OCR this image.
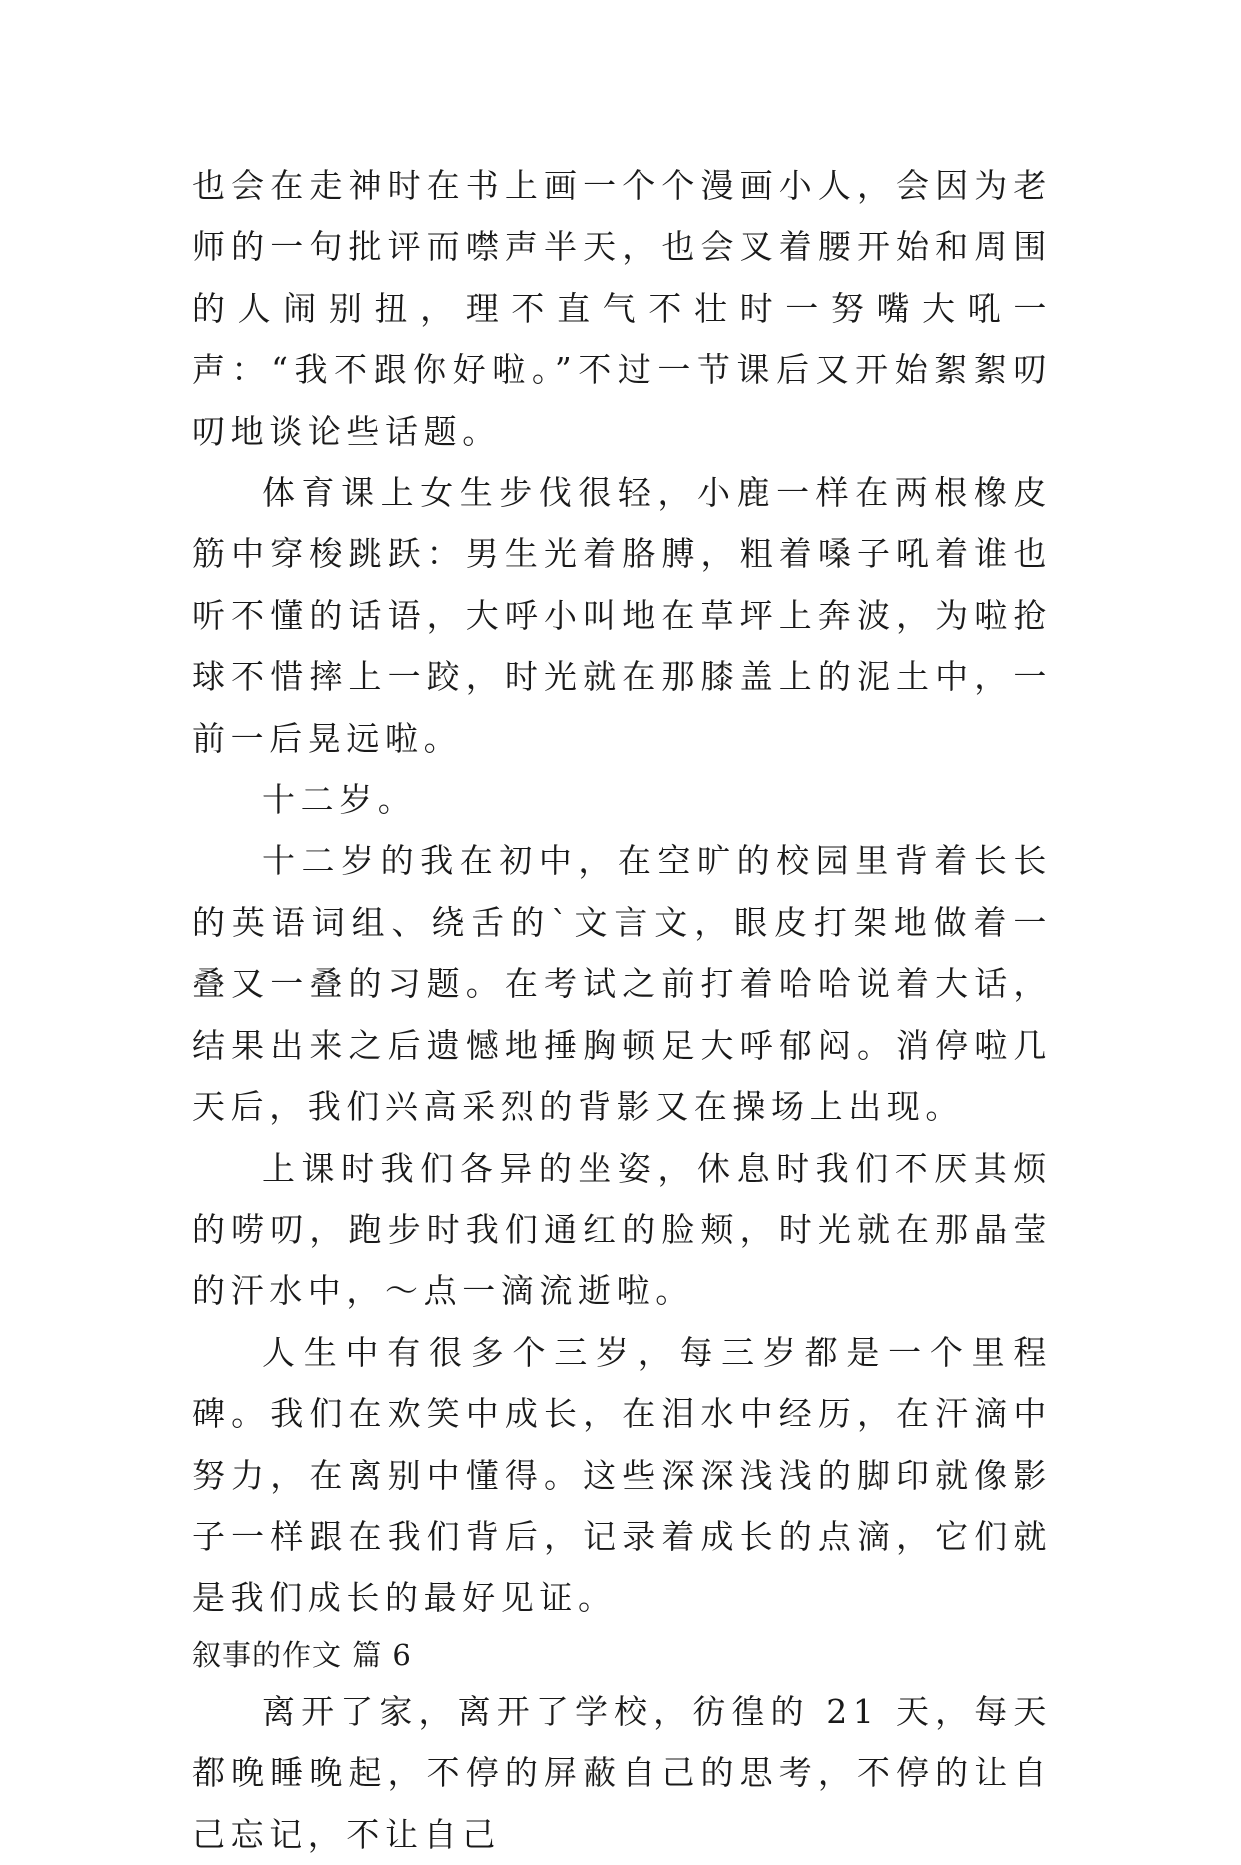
也会在走神时在书上画一个个漫画小人，会因为老师的一句批评而噤声半天，也会叉着腰开始和周围的人闹别扭，理不直气不壮时一努嘴大吼一声：“我不跟你好啦。”不过一节课后又开始絮絮叨叨地谈论些话题。

体育课上女生步伐很轻，小鹿一样在两根橡皮筋中穿梭跳跃：男生光着胳膊，粗着嗓子吼着谁也听不懂的话语，大呼小叫地在草坪上奔波，为啦抢球不惜摔上一跤，时光就在那膝盖上的泥土中，一前一后晃远啦。

十二岁。

十二岁的我在初中，在空旷的校园里背着长长的英语词组、绕舌的`文言文，眼皮打架地做着一叠又一叠的习题。在考试之前打着哈哈说着大话，结果出来之后遗憾地捶胸顿足大呼郁闷。消停啦几天后，我们兴高采烈的背影又在操场上出现。

上课时我们各异的坐姿，休息时我们不厌其烦的唠叨，跑步时我们通红的脸颊，时光就在那晶莹的汗水中，～点一滴流逝啦。

人生中有很多个三岁，每三岁都是一个里程碑。我们在欢笑中成长，在泪水中经历，在汗滴中努力，在离别中懂得。这些深深浅浅的脚印就像影子一样跟在我们背后，记录着成长的点滴，它们就是我们成长的最好见证。

叙事的作文 篇 6

离开了家，离开了学校，彷徨的 21 天，每天都晚睡晚起，不停的屏蔽自己的思考，不停的让自己忘记，不让自己
